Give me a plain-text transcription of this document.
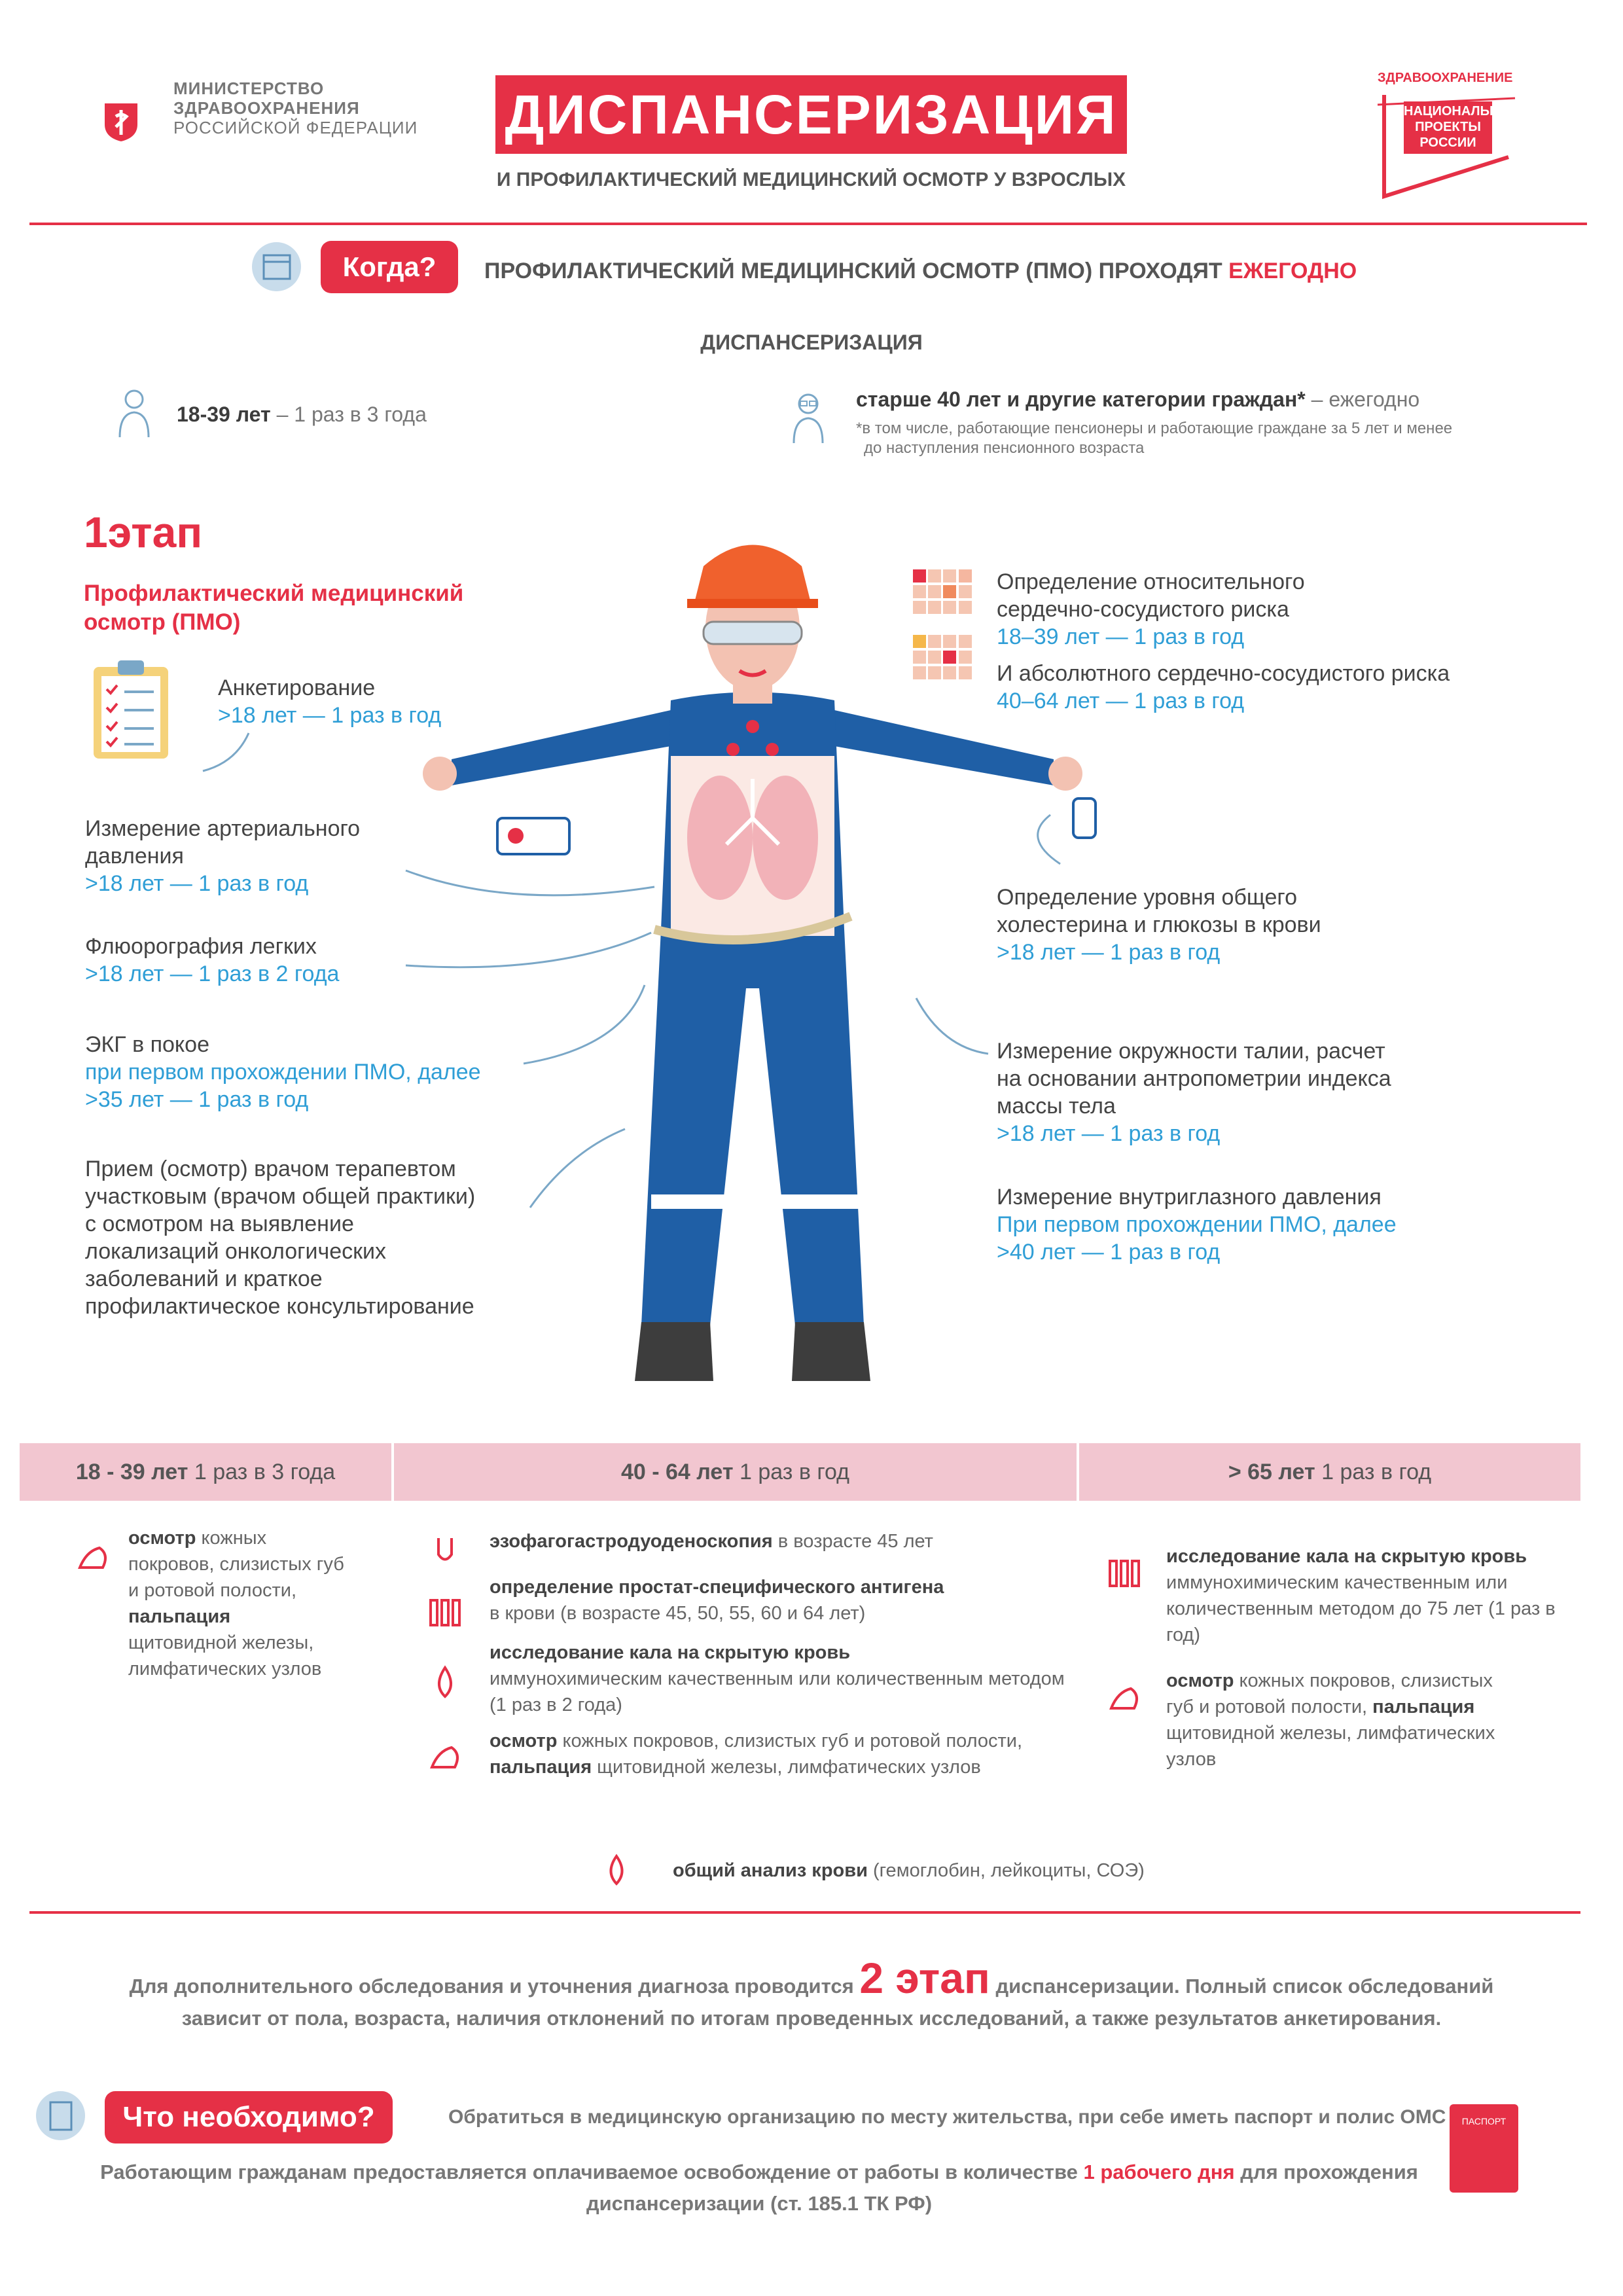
МИНИСТЕРСТВО
ЗДРАВООХРАНЕНИЯ
РОССИЙСКОЙ ФЕДЕРАЦИИ ДИСПАНСЕРИЗАЦИЯ
И ПРОФИЛАКТИЧЕСКИЙ МЕДИЦИНСКИЙ ОСМОТР У ВЗРОСЛЫХ
ЗДРАВООХРАНЕНИЕ
НАЦИОНАЛЬНЫЕ
ПРОЕКТЫ
РОССИИ
Когда?	ПРОФИЛАКТИЧЕСКИЙ МЕДИЦИНСКИЙ ОСМОТР (ПМО) ПРОХОДЯТ ЕЖЕГОДНО
ДИСПАНСЕРИЗАЦИЯ
18-39 лет – 1 раз в 3 года
старше 40 лет и другие категории граждан* – ежегодно
*в том числе, работающие пенсионеры и работающие граждане за 5 лет и менее
до наступления пенсионного возраста
1этап
Профилактический медицинский
осмотр (ПМО)
Анкетирование
>18 лет — 1 раз в год
Измерение артериального
давления
>18 лет — 1 раз в год
Флюорография легких
>18 лет — 1 раз в 2 года
ЭКГ в покое
при первом прохождении ПМО, далее
>35 лет — 1 раз в год
Прием (осмотр) врачом терапевтом
участковым (врачом общей практики)
с осмотром на выявление
локализаций онкологических
заболеваний и краткое
профилактическое консультирование
Определение относительного
сердечно-сосудистого риска
18–39 лет — 1 раз в год
И абсолютного сердечно-сосудистого риска
40–64 лет — 1 раз в год
Определение уровня общего
холестерина и глюкозы в крови
>18 лет — 1 раз в год
Измерение окружности талии, расчет
на основании антропометрии индекса
массы тела
>18 лет — 1 раз в год
Измерение внутриглазного давления
При первом прохождении ПМО, далее
>40 лет — 1 раз в год
18 - 39 лет 1 раз в 3 года	40 - 64 лет 1 раз в год	> 65 лет 1 раз в год
осмотр кожных покровов, слизистых губ и ротовой полости, пальпация щитовидной железы, лимфатических узлов
эзофагогастродуоденоскопия в возрасте 45 лет
определение простат-специфического антигена
в крови (в возрасте 45, 50, 55, 60 и 64 лет)
исследование кала на скрытую кровь
иммунохимическим качественным или количественным методом (1 раз в 2 года)
осмотр кожных покровов, слизистых губ и ротовой полости,
пальпация щитовидной железы, лимфатических узлов
исследование кала на скрытую кровь иммунохимическим качественным или количественным методом до 75 лет (1 раз в год)
осмотр кожных покровов, слизистых губ и ротовой полости, пальпация щитовидной железы, лимфатических узлов
общий анализ крови (гемоглобин, лейкоциты, СОЭ)
Для дополнительного обследования и уточнения диагноза проводится 2 этап диспансеризации. Полный список обследований
зависит от пола, возраста, наличия отклонений по итогам проведенных исследований, а также результатов анкетирования.
Что необходимо?	Обратиться в медицинскую организацию по месту жительства, при себе иметь паспорт и полис ОМС
Работающим гражданам предоставляется оплачиваемое освобождение от работы в количестве 1 рабочего дня для прохождения
диспансеризации (ст. 185.1 ТК РФ)
ПАСПОРТ
